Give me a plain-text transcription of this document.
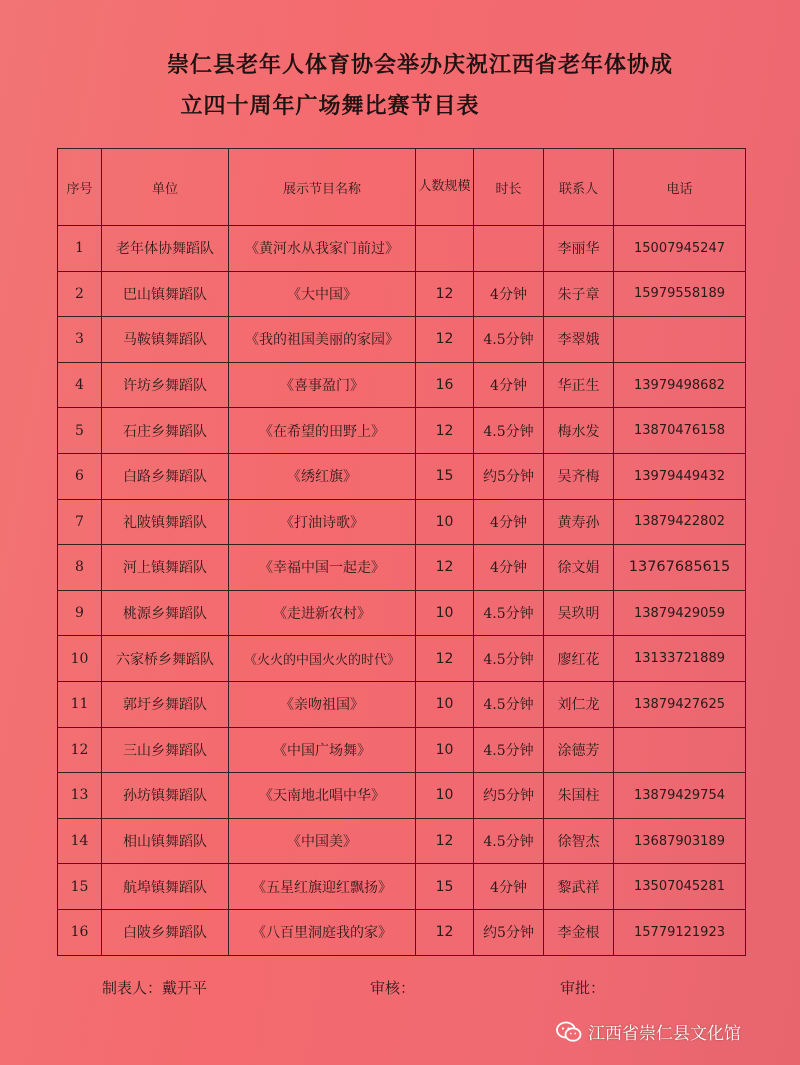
崇仁县老年人体育协会举办庆祝江西省老年体协成
立四十周年广场舞比赛节目表
序号	单位	展示节目名称	人数规模	时长	联系人	电话
1	老年体协舞蹈队	《黄河水从我家门前过》			李丽华	15007945247
2	巴山镇舞蹈队	《大中国》	12	4分钟	朱子章	15979558189
3	马鞍镇舞蹈队	《我的祖国美丽的家园》	12	4.5分钟	李翠娥	
4	许坊乡舞蹈队	《喜事盈门》	16	4分钟	华正生	13979498682
5	石庄乡舞蹈队	《在希望的田野上》	12	4.5分钟	梅水发	13870476158
6	白路乡舞蹈队	《绣红旗》	15	约5分钟	吴齐梅	13979449432
7	礼陂镇舞蹈队	《打油诗歌》	10	4分钟	黄寿孙	13879422802
8	河上镇舞蹈队	《幸福中国一起走》	12	4分钟	徐文娟	13767685615
9	桃源乡舞蹈队	《走进新农村》	10	4.5分钟	吴玖明	13879429059
10	六家桥乡舞蹈队	《火火的中国火火的时代》	12	4.5分钟	廖红花	13133721889
11	郭圩乡舞蹈队	《亲吻祖国》	10	4.5分钟	刘仁龙	13879427625
12	三山乡舞蹈队	《中国广场舞》	10	4.5分钟	涂德芳	
13	孙坊镇舞蹈队	《天南地北唱中华》	10	约5分钟	朱国柱	13879429754
14	相山镇舞蹈队	《中国美》	12	4.5分钟	徐智杰	13687903189
15	航埠镇舞蹈队	《五星红旗迎红飘扬》	15	4分钟	黎武祥	13507045281
16	白陂乡舞蹈队	《八百里洞庭我的家》	12	约5分钟	李金根	15779121923
制表人：戴开平	审核：	审批：
江西省崇仁县文化馆
